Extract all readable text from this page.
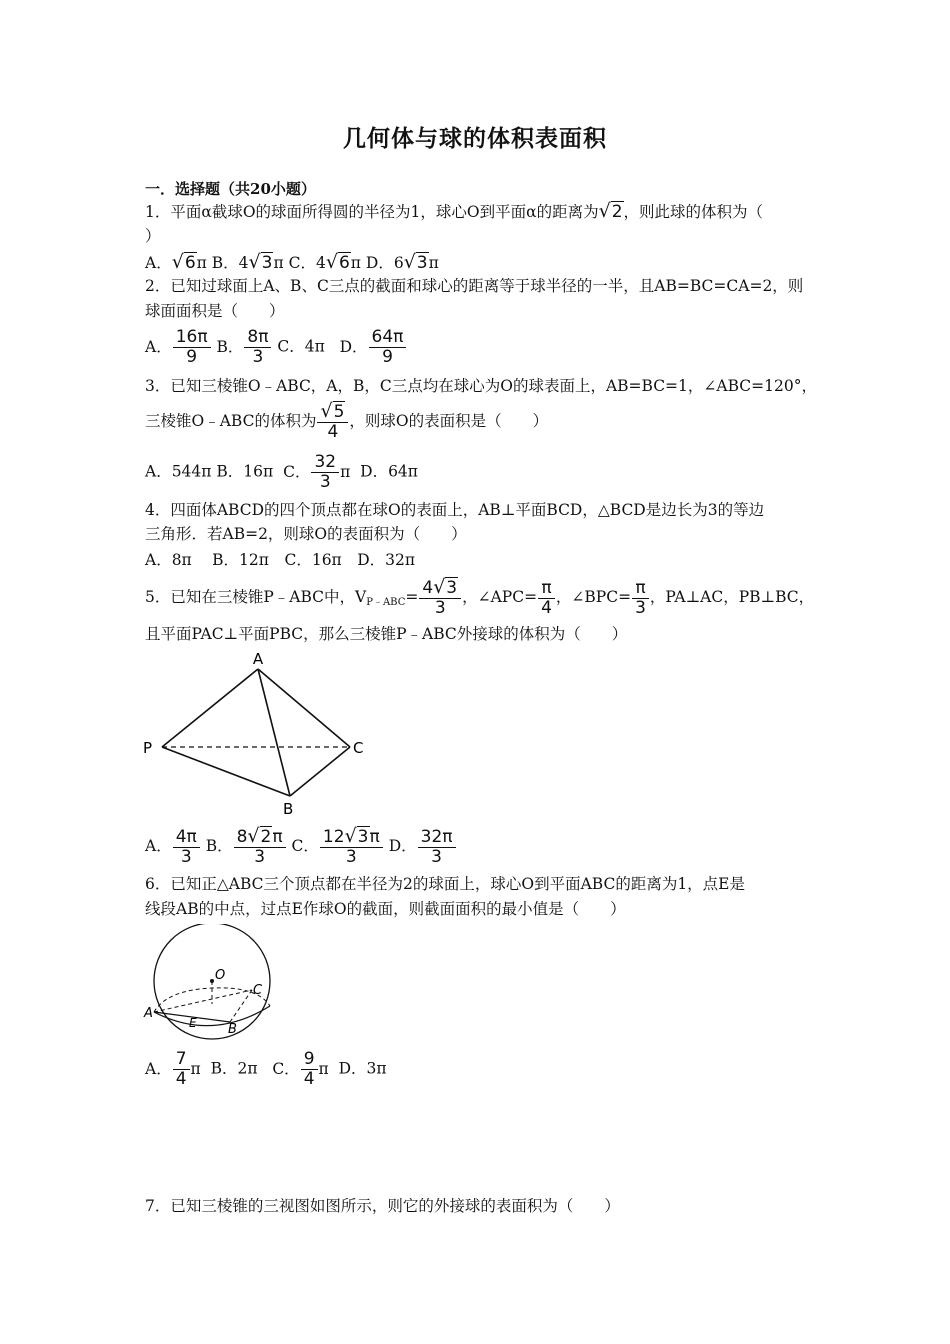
几何体与球的体积表面积
一．选择题（共20小题）
1．平面α截球O的球面所得圆的半径为1，球心O到平面α的距离为√2，则此球的体积为（
）
A．√6π B．4√3π C．4√6π D．6√3π
2．已知过球面上A、B、C三点的截面和球心的距离等于球半径的一半，且AB=BC=CA=2，则
球面面积是（　　）
A． $\frac{16\pi}{9}$ B． $\frac{8\pi}{3}$ C．4π D． $\frac{64\pi}{9}$
3．已知三棱锥O﹣ABC，A，B，C三点均在球心为O的球表面上，AB=BC=1，∠ABC=120°，
三棱锥O﹣ABC的体积为 $\frac{√5}{4}$ ，则球O的表面积是（　　）
A．544π B．16π C． $\frac{32}{3}$ π D．64π
4．四面体ABCD的四个顶点都在球O的表面上，AB⊥平面BCD，△BCD是边长为3的等边
三角形．若AB=2，则球O的表面积为（　　）
A．8π　 B．12π　C．16π　D．32π
5．已知在三棱锥P﹣ABC中，$V_{P﹣ABC}= \frac{4√3}{3}$ ，∠APC= $\frac{\pi}{4}$ ，∠BPC= $\frac{\pi}{3}$ ，PA⊥AC，PB⊥BC，
且平面PAC⊥平面PBC，那么三棱锥P﹣ABC外接球的体积为（　　）
A
P	C
B
A． $\frac{4\pi}{3}$ B． $\frac{8√2\pi}{3}$ C． $\frac{12√3\pi}{3}$ D． $\frac{32\pi}{3}$
6．已知正△ABC三个顶点都在半径为2的球面上，球心O到平面ABC的距离为1，点E是
线段AB的中点，过点E作球O的截面，则截面面积的最小值是（　　）
O
A
E B
C
A． $\frac{7}{4}$ π B．2π C． $\frac{9}{4}$ π D．3π
7．已知三棱锥的三视图如图所示，则它的外接球的表面积为（　　）
